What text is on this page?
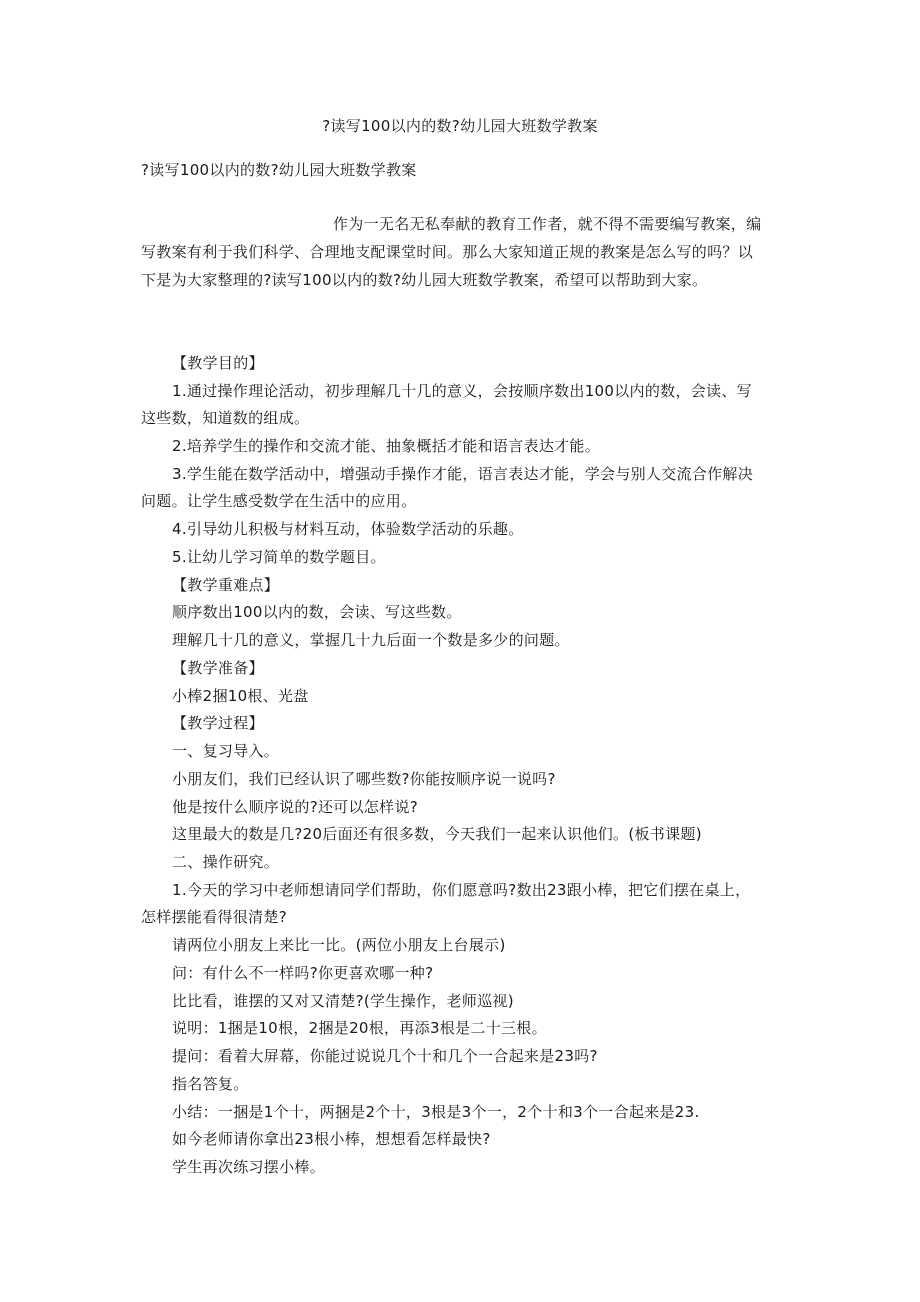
?读写100以内的数?幼儿园大班数学教案
?读写100以内的数?幼儿园大班数学教案
作为一无名无私奉献的教育工作者，就不得不需要编写教案，编
写教案有利于我们科学、合理地支配课堂时间。那么大家知道正规的教案是怎么写的吗？以
下是为大家整理的?读写100以内的数?幼儿园大班数学教案，希望可以帮助到大家。
【教学目的】
1.通过操作理论活动，初步理解几十几的意义，会按顺序数出100以内的数，会读、写
这些数，知道数的组成。
2.培养学生的操作和交流才能、抽象概括才能和语言表达才能。
3.学生能在数学活动中，增强动手操作才能，语言表达才能，学会与别人交流合作解决
问题。让学生感受数学在生活中的应用。
4.引导幼儿积极与材料互动，体验数学活动的乐趣。
5.让幼儿学习简单的数学题目。
【教学重难点】
顺序数出100以内的数，会读、写这些数。
理解几十几的意义，掌握几十九后面一个数是多少的问题。
【教学准备】
小棒2捆10根、光盘
【教学过程】
一、复习导入。
小朋友们，我们已经认识了哪些数?你能按顺序说一说吗?
他是按什么顺序说的?还可以怎样说?
这里最大的数是几?20后面还有很多数，今天我们一起来认识他们。(板书课题)
二、操作研究。
1.今天的学习中老师想请同学们帮助，你们愿意吗?数出23跟小棒，把它们摆在桌上，
怎样摆能看得很清楚?
请两位小朋友上来比一比。(两位小朋友上台展示)
问：有什么不一样吗?你更喜欢哪一种?
比比看，谁摆的又对又清楚?(学生操作，老师巡视)
说明：1捆是10根，2捆是20根，再添3根是二十三根。
提问：看着大屏幕，你能过说说几个十和几个一合起来是23吗?
指名答复。
小结：一捆是1个十，两捆是2个十，3根是3个一，2个十和3个一合起来是23.
如今老师请你拿出23根小棒，想想看怎样最快?
学生再次练习摆小棒。
